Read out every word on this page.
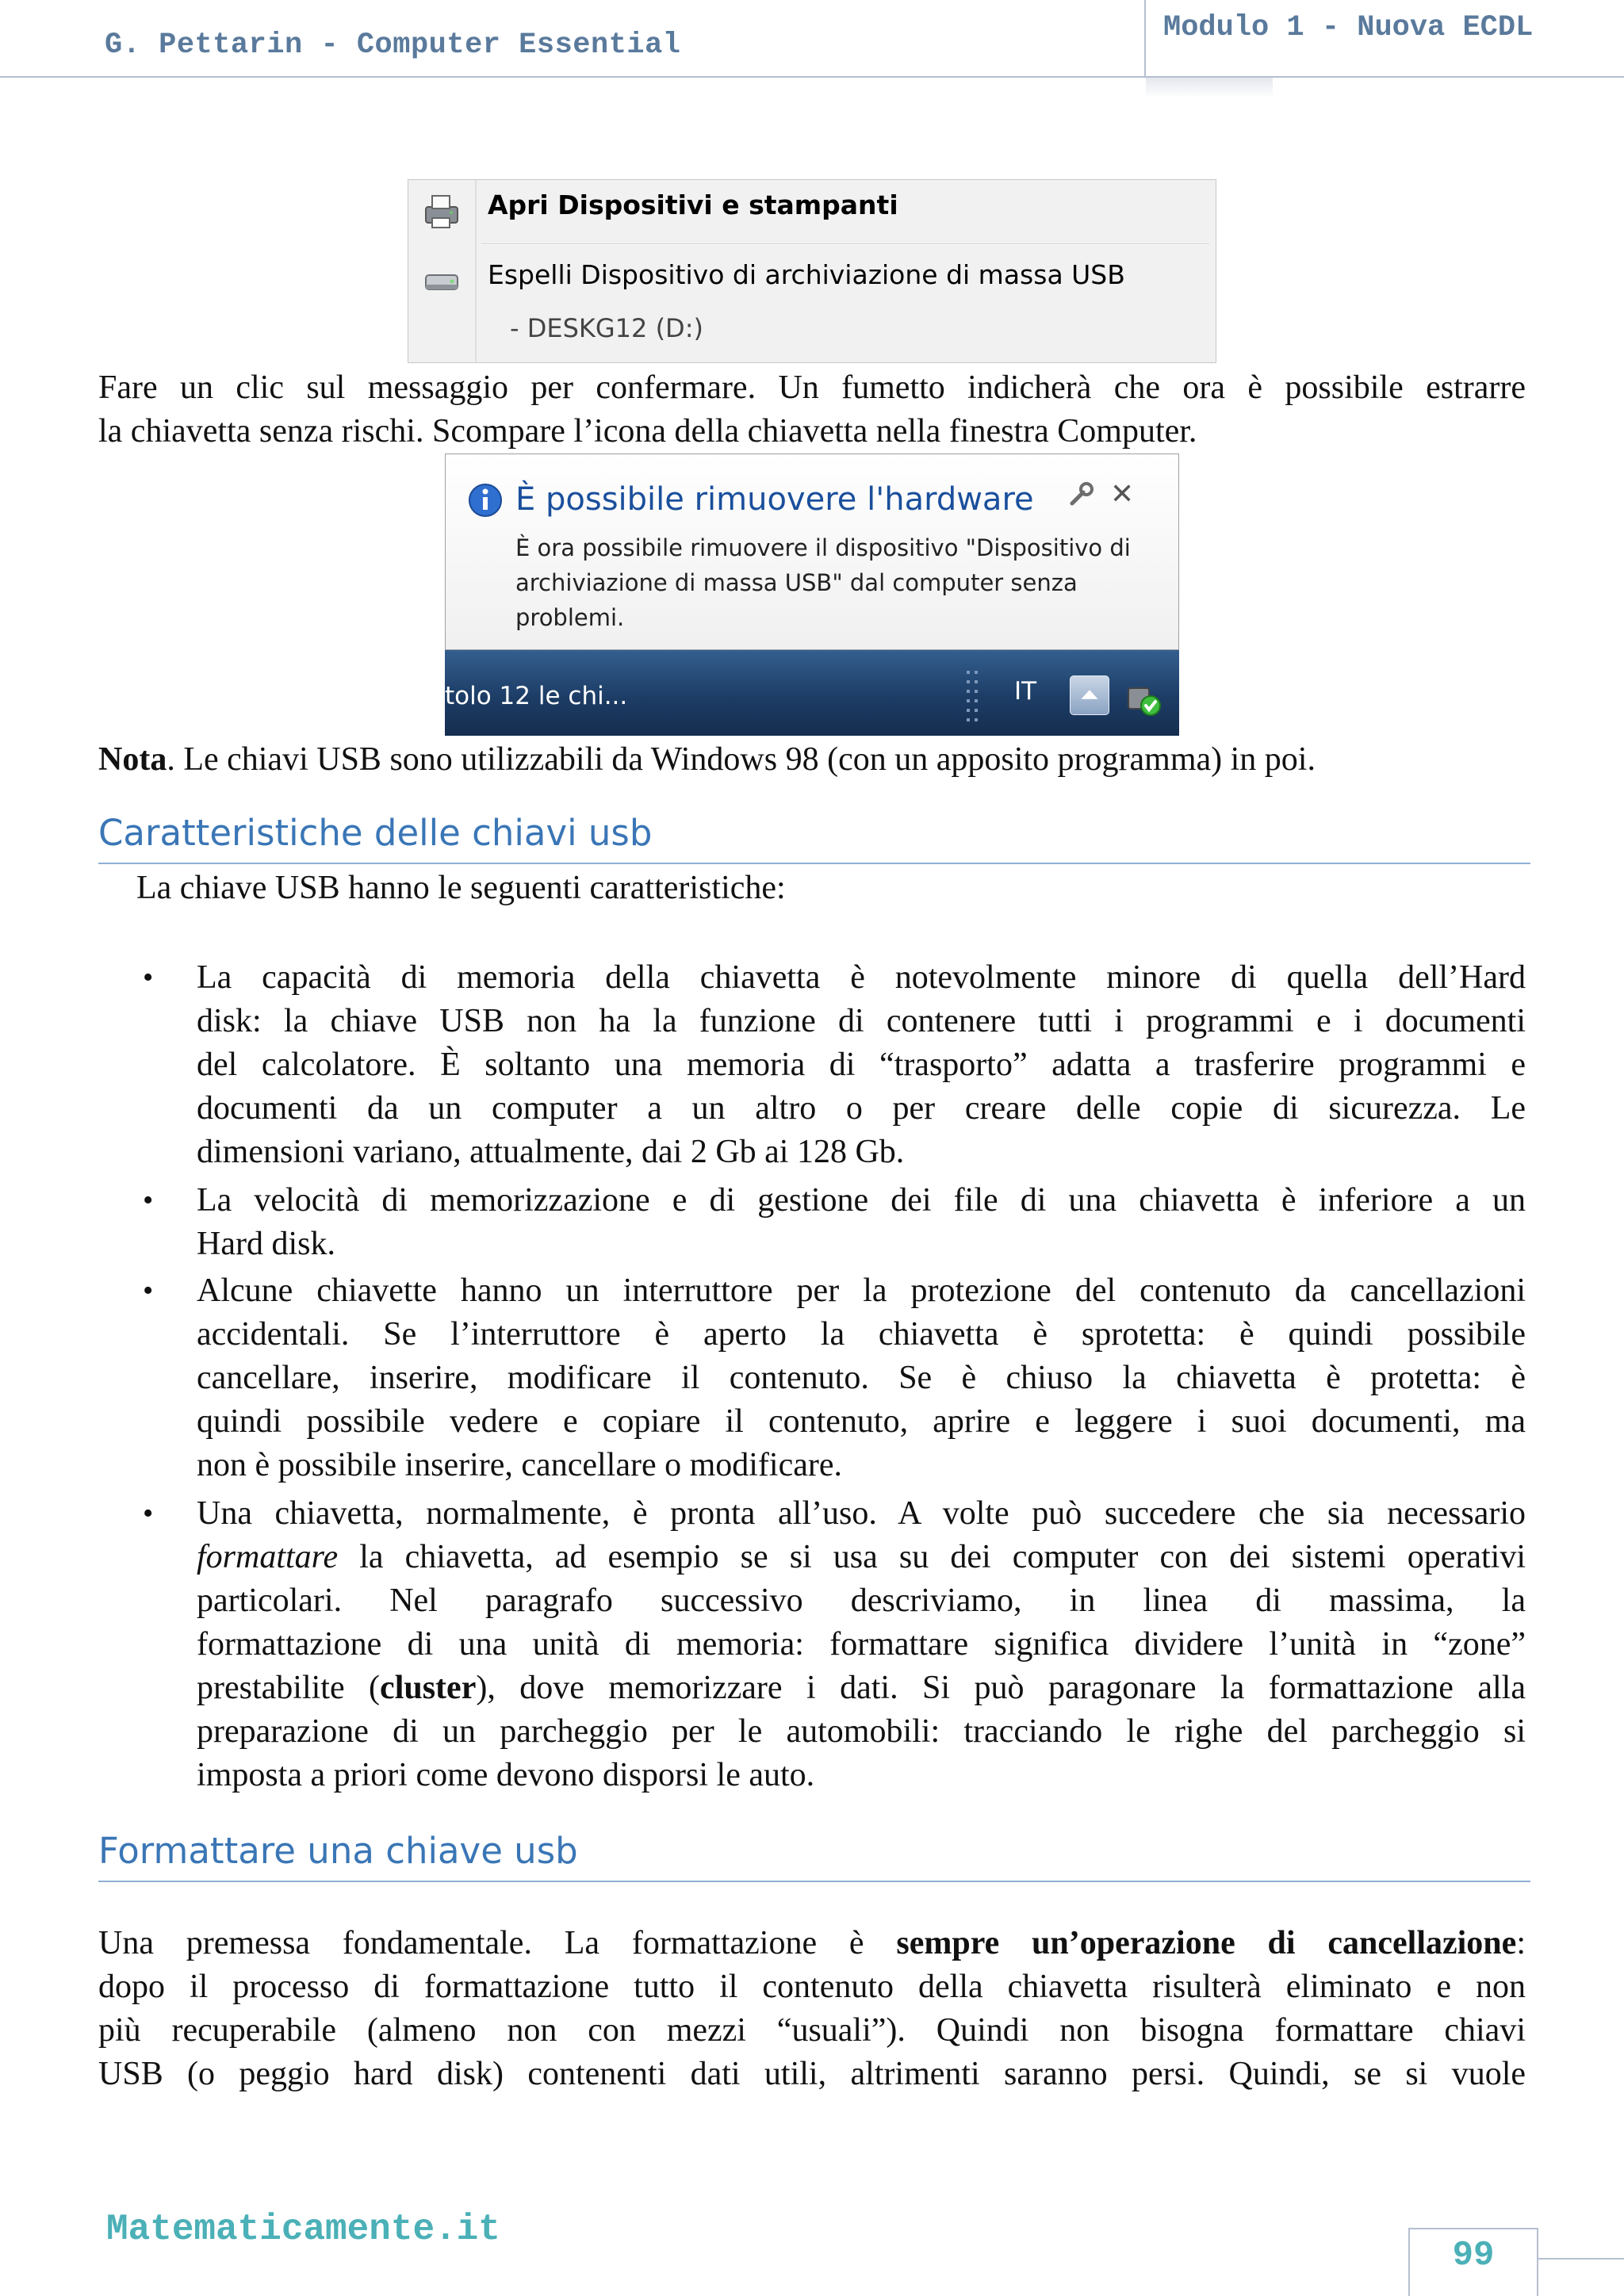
G. Pettarin - Computer Essential
Modulo 1 - Nuova ECDL
Apri Dispositivi e stampanti
Espelli Dispositivo di archiviazione di massa USB
- DESKG12 (D:)
Fare un clic sul messaggio per confermare. Un fumetto indicherà che ora è possibile estrarre
la chiavetta senza rischi. Scompare l’icona della chiavetta nella finestra Computer.
È possibile rimuovere l'hardware	✕
È ora possibile rimuovere il dispositivo "Dispositivo di archiviazione di massa USB" dal computer senza problemi.
tolo 12 le chi...	IT
Nota. Le chiavi USB sono utilizzabili da Windows 98 (con un apposito programma) in poi.
Caratteristiche delle chiavi usb
La chiave USB hanno le seguenti caratteristiche:
• La capacità di memoria della chiavetta è notevolmente minore di quella dell’Hard
disk: la chiave USB non ha la funzione di contenere tutti i programmi e i documenti
del calcolatore. È soltanto una memoria di “trasporto” adatta a trasferire programmi e
documenti da un computer a un altro o per creare delle copie di sicurezza. Le
dimensioni variano, attualmente, dai 2 Gb ai 128 Gb.
• La velocità di memorizzazione e di gestione dei file di una chiavetta è inferiore a un
Hard disk.
• Alcune chiavette hanno un interruttore per la protezione del contenuto da cancellazioni
accidentali. Se l’interruttore è aperto la chiavetta è sprotetta: è quindi possibile
cancellare, inserire, modificare il contenuto. Se è chiuso la chiavetta è protetta: è
quindi possibile vedere e copiare il contenuto, aprire e leggere i suoi documenti, ma
non è possibile inserire, cancellare o modificare.
• Una chiavetta, normalmente, è pronta all’uso. A volte può succedere che sia necessario
formattare la chiavetta, ad esempio se si usa su dei computer con dei sistemi operativi
particolari. Nel paragrafo successivo descriviamo, in linea di massima, la
formattazione di una unità di memoria: formattare significa dividere l’unità in “zone”
prestabilite (cluster), dove memorizzare i dati. Si può paragonare la formattazione alla
preparazione di un parcheggio per le automobili: tracciando le righe del parcheggio si
imposta a priori come devono disporsi le auto.
Formattare una chiave usb
Una premessa fondamentale. La formattazione è sempre un’operazione di cancellazione:
dopo il processo di formattazione tutto il contenuto della chiavetta risulterà eliminato e non
più recuperabile (almeno non con mezzi “usuali”). Quindi non bisogna formattare chiavi
USB (o peggio hard disk) contenenti dati utili, altrimenti saranno persi. Quindi, se si vuole
Matematicamente.it
99
